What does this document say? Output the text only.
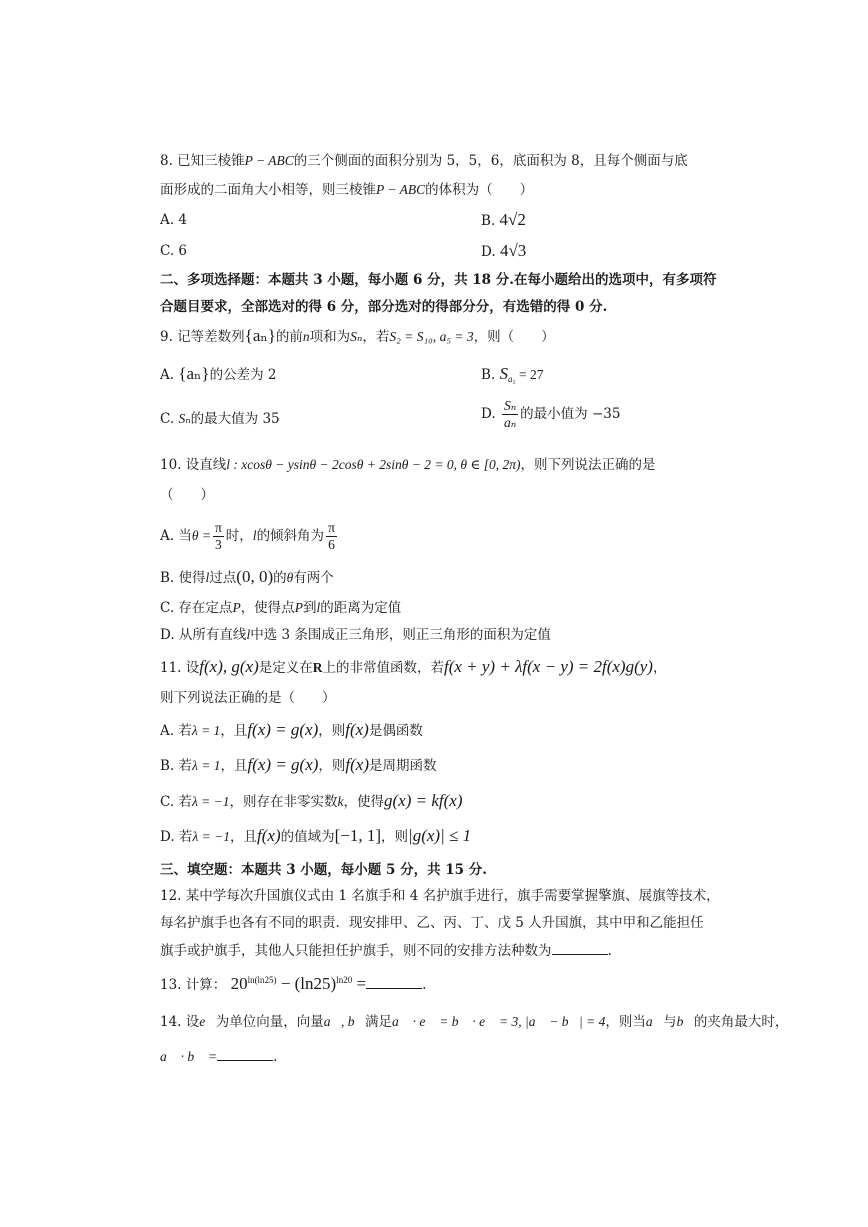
8. 已知三棱锥P − ABC的三个侧面的面积分别为 5，5，6，底面积为 8，且每个侧面与底
面形成的二面角大小相等，则三棱锥P − ABC的体积为（　　）
A. 4	B. 4√2
C. 6	D. 4√3
二、多项选择题：本题共 3 小题，每小题 6 分，共 18 分.在每小题给出的选项中，有多项符
合题目要求，全部选对的得 6 分，部分选对的得部分分，有选错的得 0 分.
9. 记等差数列{aₙ}的前n项和为Sₙ，若S₂ = S₁₀, a₅ = 3，则（　　）
A. {aₙ}的公差为 2	B. $S_{a_5} = 27$
C. Sₙ的最大值为 35	D. $\frac{\text{Sₙ}}{\text{aₙ}}$ 的最小值为 −35
10. 设直线l : xcosθ − ysinθ − 2cosθ + 2sinθ − 2 = 0, θ ∈ [0, 2π)，则下列说法正确的是
（　　）
A. 当$\theta = \frac{\pi}{3}$ 时，l的倾斜角为 $\frac{\pi}{6}$
B. 使得l过点(0, 0)的θ有两个
C. 存在定点P，使得点P到l的距离为定值
D. 从所有直线l中选 3 条围成正三角形，则正三角形的面积为定值
11. 设f(x), g(x)是定义在R上的非常值函数，若f(x + y) + λf(x − y) = 2f(x)g(y)，
则下列说法正确的是（　　）
A. 若λ = 1，且f(x) = g(x)，则f(x)是偶函数
B. 若λ = 1，且f(x) = g(x)，则f(x)是周期函数
C. 若λ = −1，则存在非零实数k，使得g(x) = kf(x)
D. 若λ = −1，且f(x)的值域为[−1, 1]，则|g(x)| ≤ 1
三、填空题：本题共 3 小题，每小题 5 分，共 15 分.
12. 某中学每次升国旗仪式由 1 名旗手和 4 名护旗手进行，旗手需要掌握擎旗、展旗等技术，
每名护旗手也各有不同的职责．现安排甲、乙、丙、丁、戊 5 人升国旗，其中甲和乙能担任
旗手或护旗手，其他人只能担任护旗手，则不同的安排方法种数为	.
13. 计算： $20^{ln(ln25)} - (\ln 25)^{ln20}$ =	.
14. 设e⃗为单位向量，向量a⃗, b⃗满足a⃗ · e⃗ = b⃗ · e⃗ = 3, |a⃗ − b⃗| = 4，则当a⃗与b⃗的夹角最大时，
a⃗ · b⃗ =	.
